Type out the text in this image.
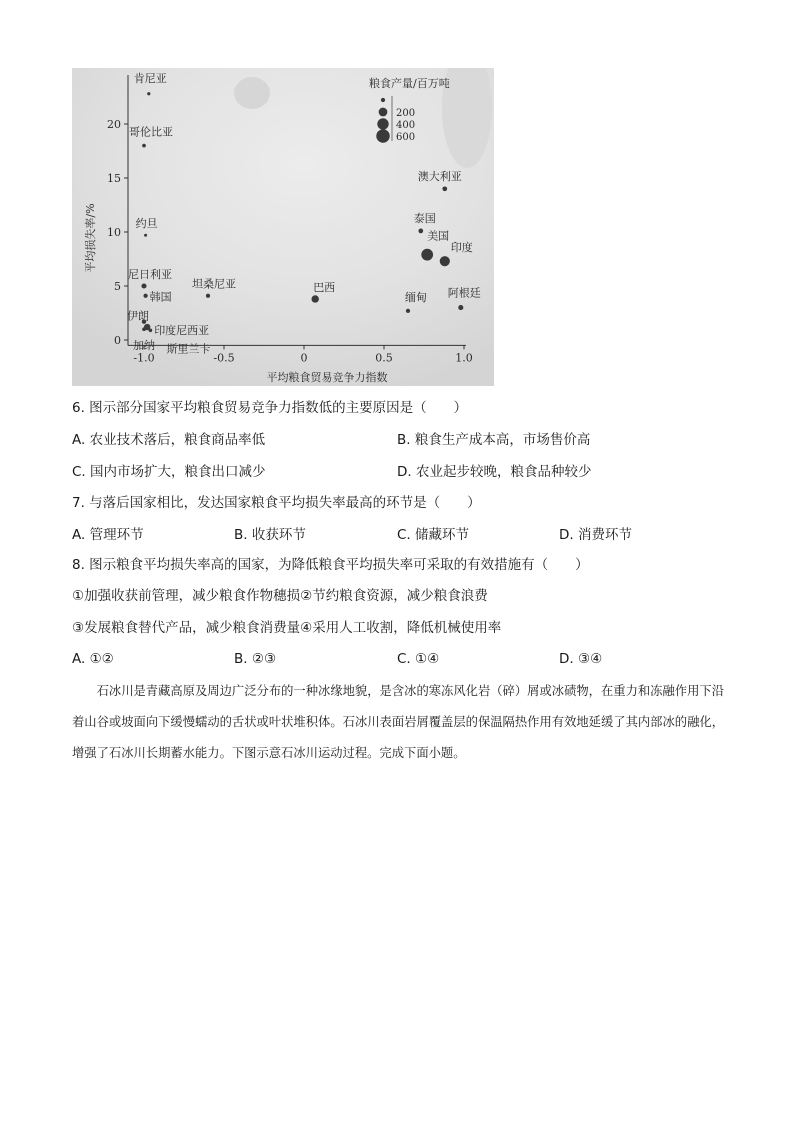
-1.0	-0.5	0	0.5	1.0
0
5
10
15
20
肯尼亚
哥伦比亚
约旦
尼日利亚
韩国
坦桑尼亚	巴西
伊朗
印度尼西亚
斯里兰卡
加纳
澳大利亚
泰国
美国
印度
缅甸 阿根廷
粮食产量/百万吨
200
400
600
平均粮食贸易竞争力指数
平均损失率/%
6. 图示部分国家平均粮食贸易竞争力指数低的主要原因是（　　）
A. 农业技术落后，粮食商品率低	B. 粮食生产成本高，市场售价高
C. 国内市场扩大，粮食出口减少	D. 农业起步较晚，粮食品种较少
7. 与落后国家相比，发达国家粮食平均损失率最高的环节是（　　）
A. 管理环节	B. 收获环节	C. 储藏环节	D. 消费环节
8. 图示粮食平均损失率高的国家，为降低粮食平均损失率可采取的有效措施有（　　）
①加强收获前管理，减少粮食作物穗损②节约粮食资源，减少粮食浪费
③发展粮食替代产品，减少粮食消费量④采用人工收割，降低机械使用率
A. ①②	B. ②③	C. ①④	D. ③④

石冰川是青藏高原及周边广泛分布的一种冰缘地貌，是含冰的寒冻风化岩（碎）屑或冰碛物，在重力和冻融作用下沿着山谷或坡面向下缓慢蠕动的舌状或叶状堆积体。石冰川表面岩屑覆盖层的保温隔热作用有效地延缓了其内部冰的融化，增强了石冰川长期蓄水能力。下图示意石冰川运动过程。完成下面小题。
